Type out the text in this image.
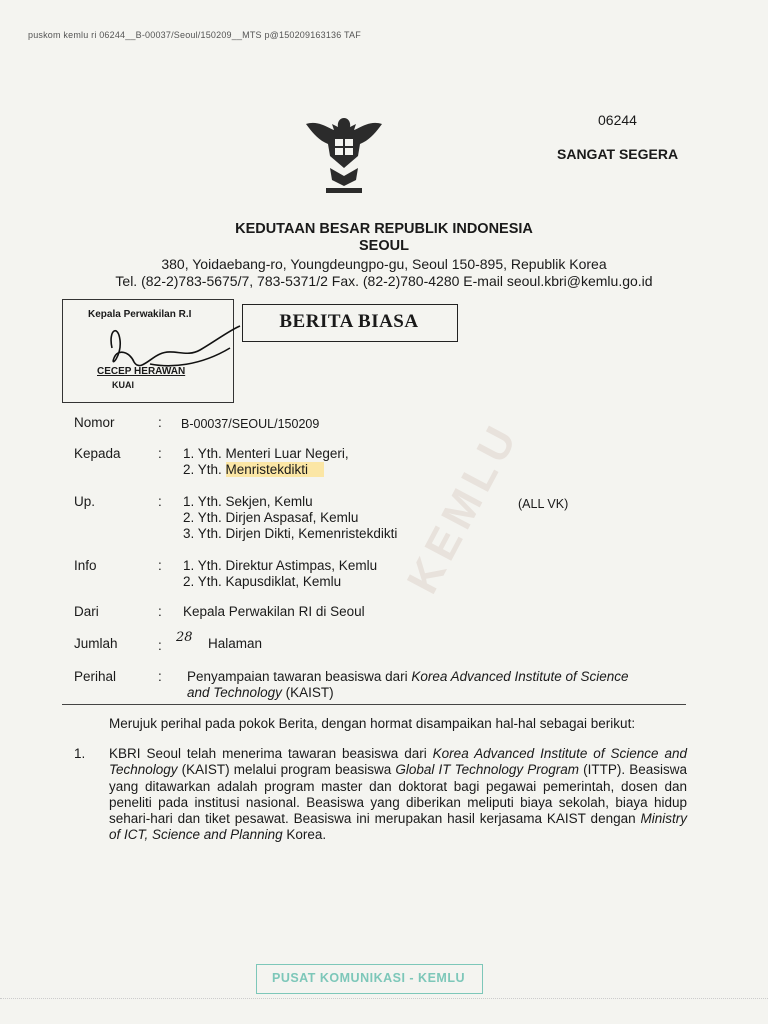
puskom kemlu ri 06244__B-00037/Seoul/150209__MTS p@150209163136 TAF
06244
SANGAT SEGERA
KEDUTAAN BESAR REPUBLIK INDONESIA
SEOUL
380, Yoidaebang-ro, Youngdeungpo-gu, Seoul 150-895, Republik Korea
Tel. (82-2)783-5675/7, 783-5371/2 Fax. (82-2)780-4280 E-mail seoul.kbri@kemlu.go.id
Kepala Perwakilan R.I
CECEP HERAWAN
KUAI
BERITA BIASA
KEMLU
Nomor	: B-00037/SEOUL/150209
Kepada	: 1. Yth. Menteri Luar Negeri,
2. Yth. Menristekdikti
Up.	: 1. Yth. Sekjen, Kemlu
2. Yth. Dirjen Aspasaf, Kemlu
3. Yth. Dirjen Dikti, Kemenristekdikti
(ALL VK)
Info	: 1. Yth. Direktur Astimpas, Kemlu
2. Yth. Kapusdiklat, Kemlu
Dari	: Kepala Perwakilan RI di Seoul
Jumlah	:
28 Halaman
Perihal	: Penyampaian tawaran beasiswa dari Korea Advanced Institute of Science
and Technology (KAIST)
Merujuk perihal pada pokok Berita, dengan hormat disampaikan hal-hal sebagai berikut:
1. KBRI Seoul telah menerima tawaran beasiswa dari Korea Advanced Institute of Science and Technology (KAIST) melalui program beasiswa Global IT Technology Program (ITTP). Beasiswa yang ditawarkan adalah program master dan doktorat bagi pegawai pemerintah, dosen dan peneliti pada institusi nasional. Beasiswa yang diberikan meliputi biaya sekolah, biaya hidup sehari-hari dan tiket pesawat. Beasiswa ini merupakan hasil kerjasama KAIST dengan Ministry of ICT, Science and Planning Korea.
PUSAT KOMUNIKASI - KEMLU
